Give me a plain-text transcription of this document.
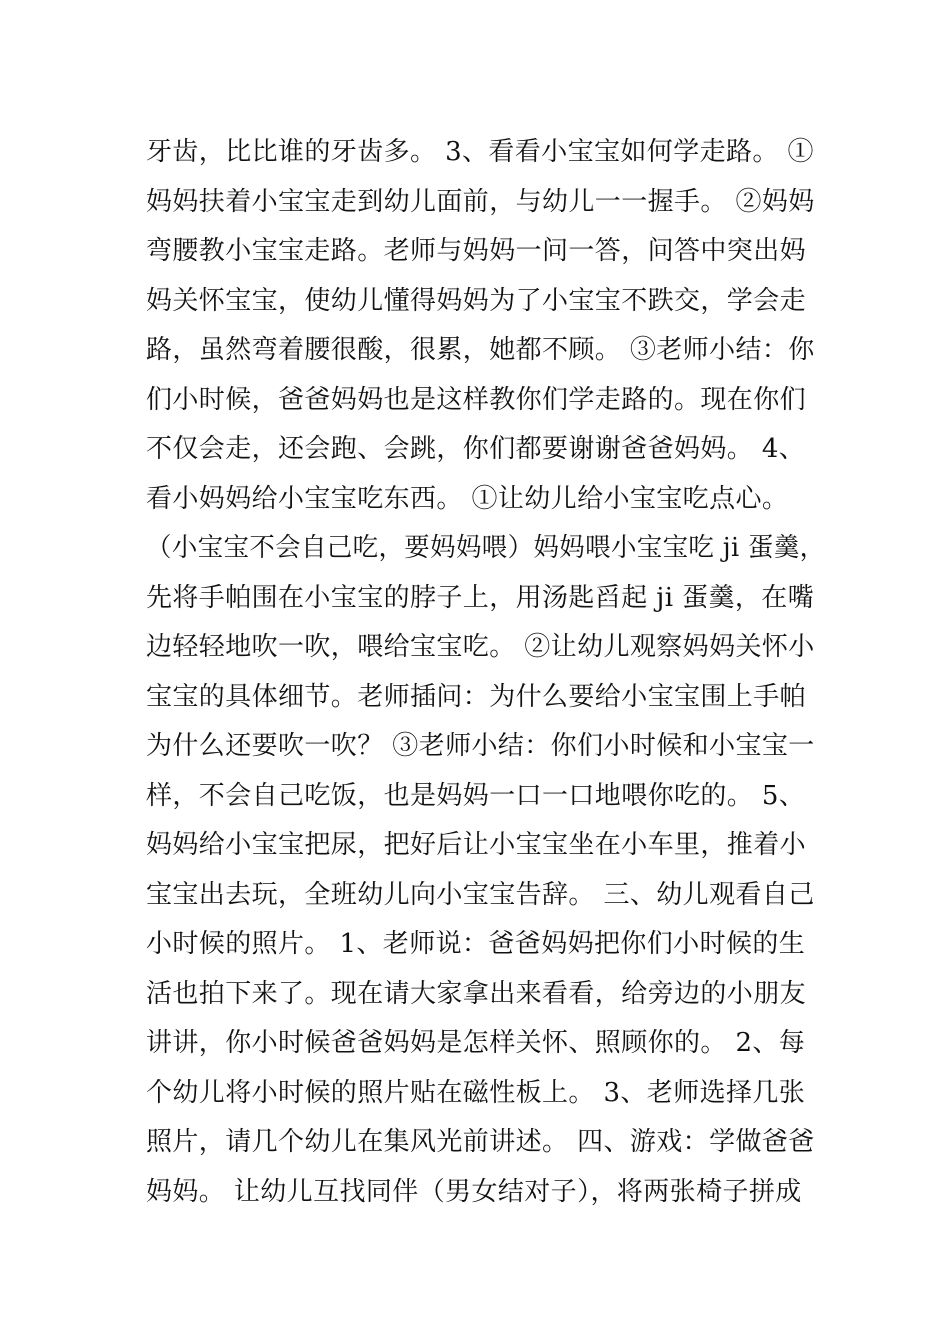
牙齿，比比谁的牙齿多。 3、看看小宝宝如何学走路。 ①
妈妈扶着小宝宝走到幼儿面前，与幼儿一一握手。 ②妈妈
弯腰教小宝宝走路。老师与妈妈一问一答，问答中突出妈
妈关怀宝宝，使幼儿懂得妈妈为了小宝宝不跌交，学会走
路，虽然弯着腰很酸，很累，她都不顾。 ③老师小结：你
们小时候，爸爸妈妈也是这样教你们学走路的。现在你们
不仅会走，还会跑、会跳，你们都要谢谢爸爸妈妈。 4、
看小妈妈给小宝宝吃东西。 ①让幼儿给小宝宝吃点心。
（小宝宝不会自己吃，要妈妈喂）妈妈喂小宝宝吃 ji 蛋羹，
先将手帕围在小宝宝的脖子上，用汤匙舀起 ji 蛋羹，在嘴
边轻轻地吹一吹，喂给宝宝吃。 ②让幼儿观察妈妈关怀小
宝宝的具体细节。老师插问：为什么要给小宝宝围上手帕
为什么还要吹一吹？ ③老师小结：你们小时候和小宝宝一
样，不会自己吃饭，也是妈妈一口一口地喂你吃的。 5、
妈妈给小宝宝把尿，把好后让小宝宝坐在小车里，推着小
宝宝出去玩，全班幼儿向小宝宝告辞。 三、幼儿观看自己
小时候的照片。 1、老师说：爸爸妈妈把你们小时候的生
活也拍下来了。现在请大家拿出来看看，给旁边的小朋友
讲讲，你小时候爸爸妈妈是怎样关怀、照顾你的。 2、每
个幼儿将小时候的照片贴在磁性板上。 3、老师选择几张
照片，请几个幼儿在集风光前讲述。 四、游戏：学做爸爸
妈妈。 让幼儿互找同伴（男女结对子），将两张椅子拼成
